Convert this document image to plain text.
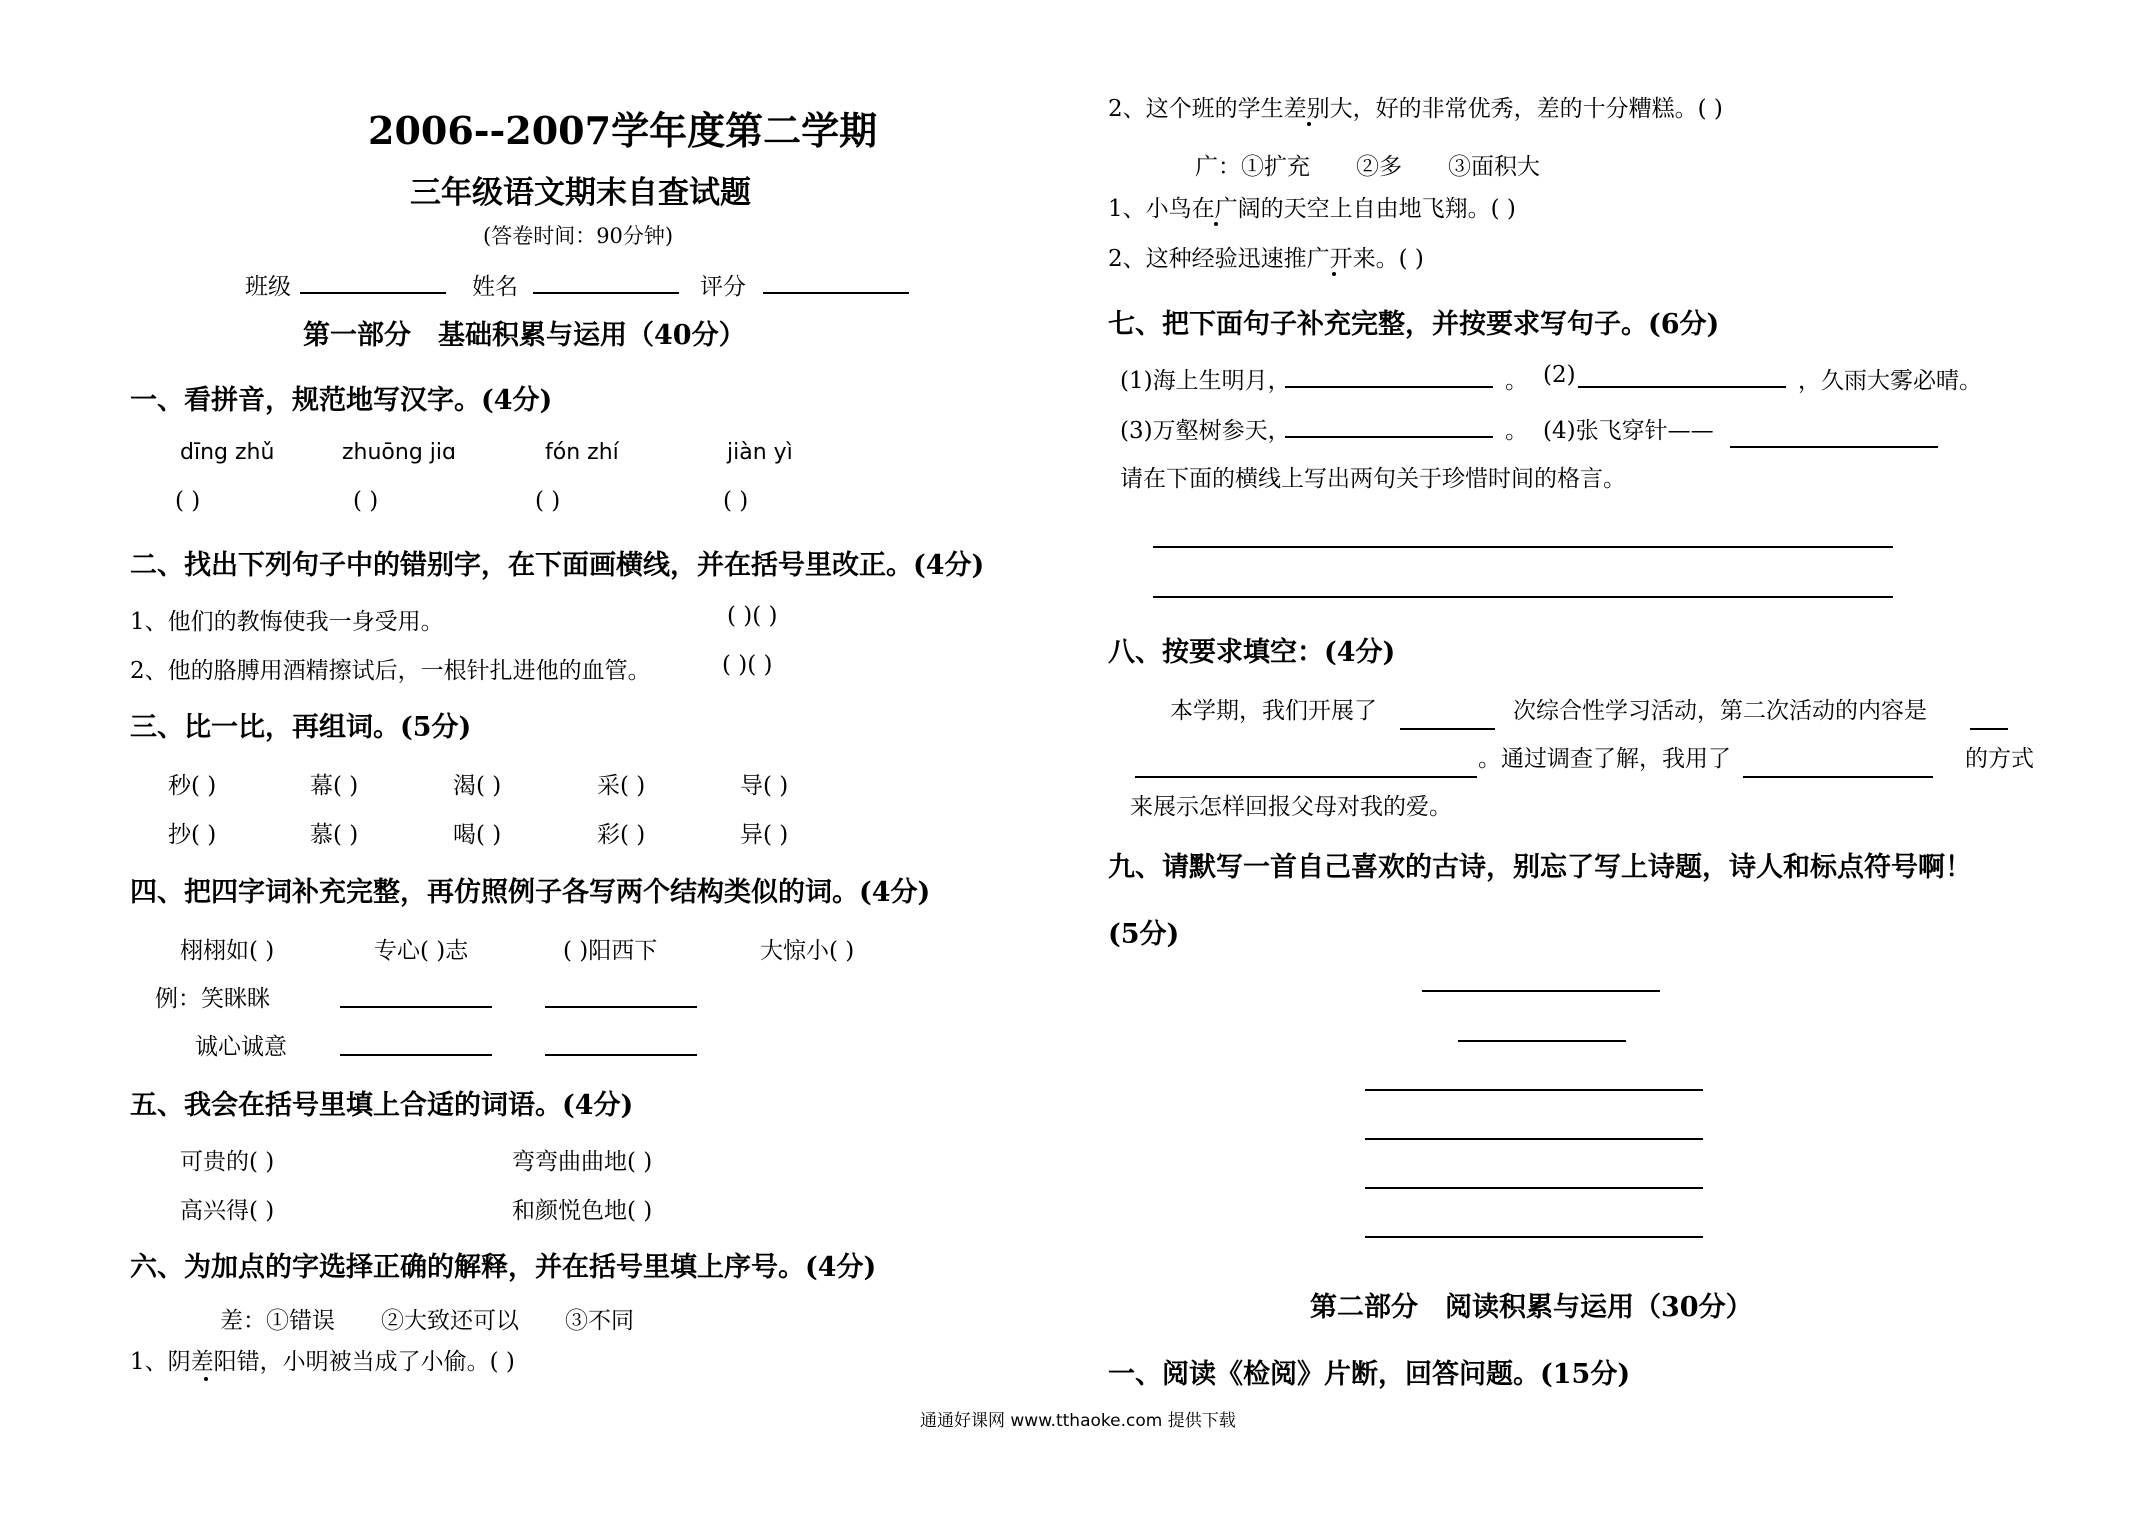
2006--2007学年度第二学期
三年级语文期末自查试题
(答卷时间：90分钟)
班级	姓名	评分
第一部分　基础积累与运用（40分）
一、看拼音，规范地写汉字。(4分)
dīng zhǔ	zhuōng jiɑ	fón zhí	jiàn yì
( )	( )	( )	( )
二、找出下列句子中的错别字，在下面画横线，并在括号里改正。(4分)
1、他们的教悔使我一身受用。	( )( )
2、他的胳膊用酒精擦试后，一根针扎进他的血管。	( )( )
三、比一比，再组词。(5分)
秒( )	幕( )	渴( )	采( )	导( )
抄( )	慕( )	喝( )	彩( )	异( )
四、把四字词补充完整，再仿照例子各写两个结构类似的词。(4分)
栩栩如( )	专心( )志	( )阳西下	大惊小( )
例：笑眯眯
诚心诚意
五、我会在括号里填上合适的词语。(4分)
可贵的( )	弯弯曲曲地( )
高兴得( )	和颜悦色地( )
六、为加点的字选择正确的解释，并在括号里填上序号。(4分)
差：①错误　　②大致还可以　　③不同
1、阴差阳错，小明被当成了小偷。( )
2、这个班的学生差别大，好的非常优秀，差的十分糟糕。( )
广：①扩充　　②多　　③面积大
1、小鸟在广阔的天空上自由地飞翔。( )
2、这种经验迅速推广开来。( )
七、把下面句子补充完整，并按要求写句子。(6分)
(1)海上生明月，	。 (2)	，久雨大雾必晴。
(3)万壑树参天，	。 (4)张飞穿针——
请在下面的横线上写出两句关于珍惜时间的格言。
八、按要求填空：(4分)
本学期，我们开展了	次综合性学习活动，第二次活动的内容是
。通过调查了解，我用了	的方式
来展示怎样回报父母对我的爱。
九、请默写一首自己喜欢的古诗，别忘了写上诗题，诗人和标点符号啊！
(5分)
第二部分　阅读积累与运用（30分）
一、阅读《检阅》片断，回答问题。(15分)
通通好课网 www.tthaoke.com 提供下载
